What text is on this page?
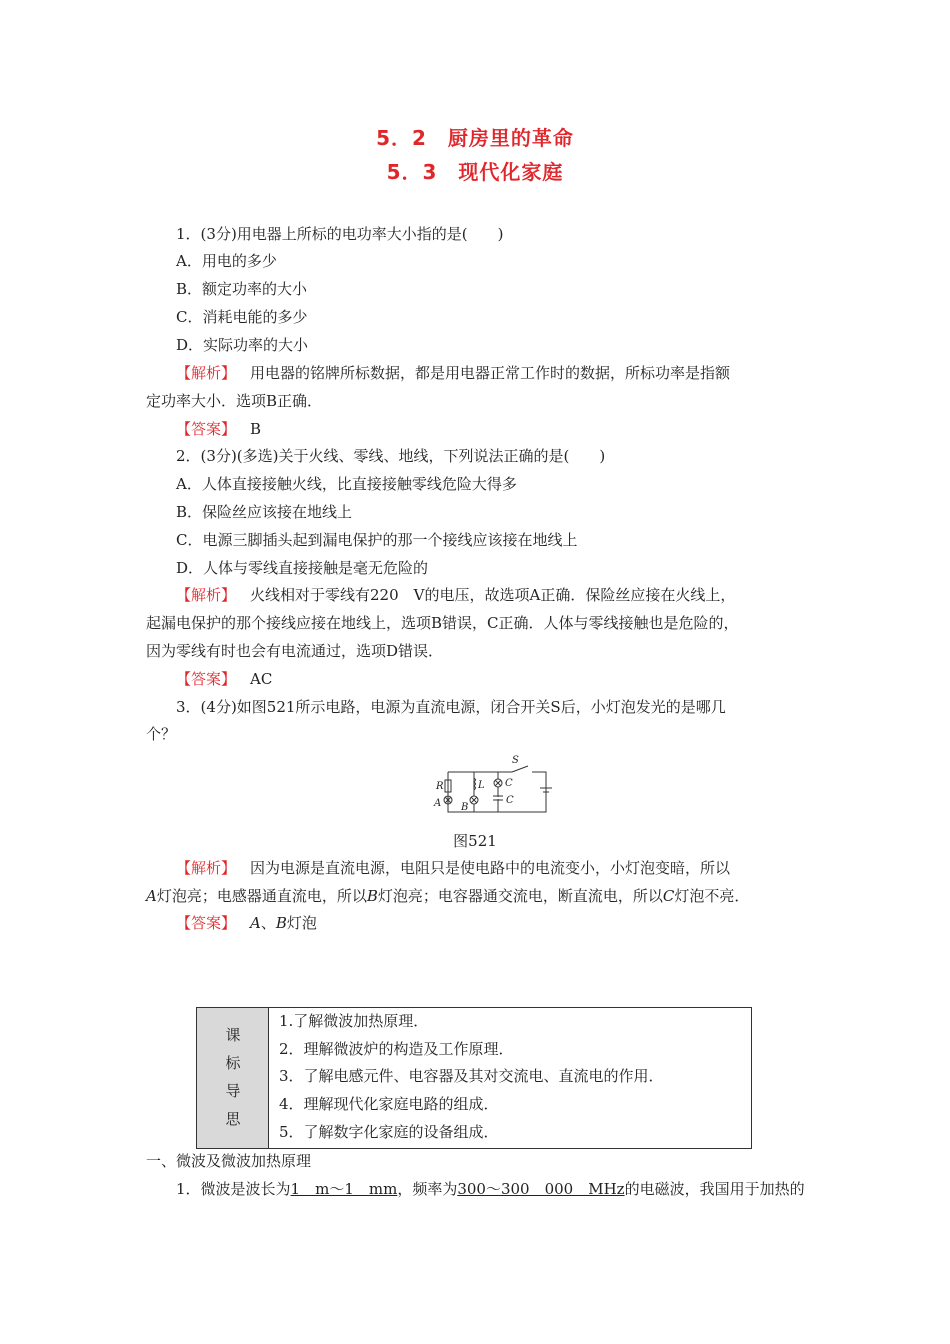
5．2　厨房里的革命
5．3　现代化家庭
1．(3分)用电器上所标的电功率大小指的是(　　)
A．用电的多少
B．额定功率的大小
C．消耗电能的多少
D．实际功率的大小
【解析】 用电器的铭牌所标数据，都是用电器正常工作时的数据，所标功率是指额
定功率大小．选项B正确．
【答案】 B
2．(3分)(多选)关于火线、零线、地线，下列说法正确的是(　　)
A．人体直接接触火线，比直接接触零线危险大得多
B．保险丝应该接在地线上
C．电源三脚插头起到漏电保护的那一个接线应该接在地线上
D．人体与零线直接接触是毫无危险的
【解析】 火线相对于零线有220　V的电压，故选项A正确．保险丝应接在火线上，
起漏电保护的那个接线应接在地线上，选项B错误，C正确．人体与零线接触也是危险的，
因为零线有时也会有电流通过，选项D错误．
【答案】 AC
3．(4分)如图521所示电路，电源为直流电源，闭合开关S后，小灯泡发光的是哪几
个？
S
R
A
L
B
C
C
图521
【解析】 因为电源是直流电源，电阻只是使电路中的电流变小，小灯泡变暗，所以
A灯泡亮；电感器通直流电，所以B灯泡亮；电容器通交流电，断直流电，所以C灯泡不亮．
【答案】 A、B灯泡
课
标
导
思
1.了解微波加热原理．
2．理解微波炉的构造及工作原理．
3．了解电感元件、电容器及其对交流电、直流电的作用．
4．理解现代化家庭电路的组成．
5．了解数字化家庭的设备组成．
一、微波及微波加热原理
1．微波是波长为1　m～1　mm，频率为300～300　000　MHz的电磁波，我国用于加热的
